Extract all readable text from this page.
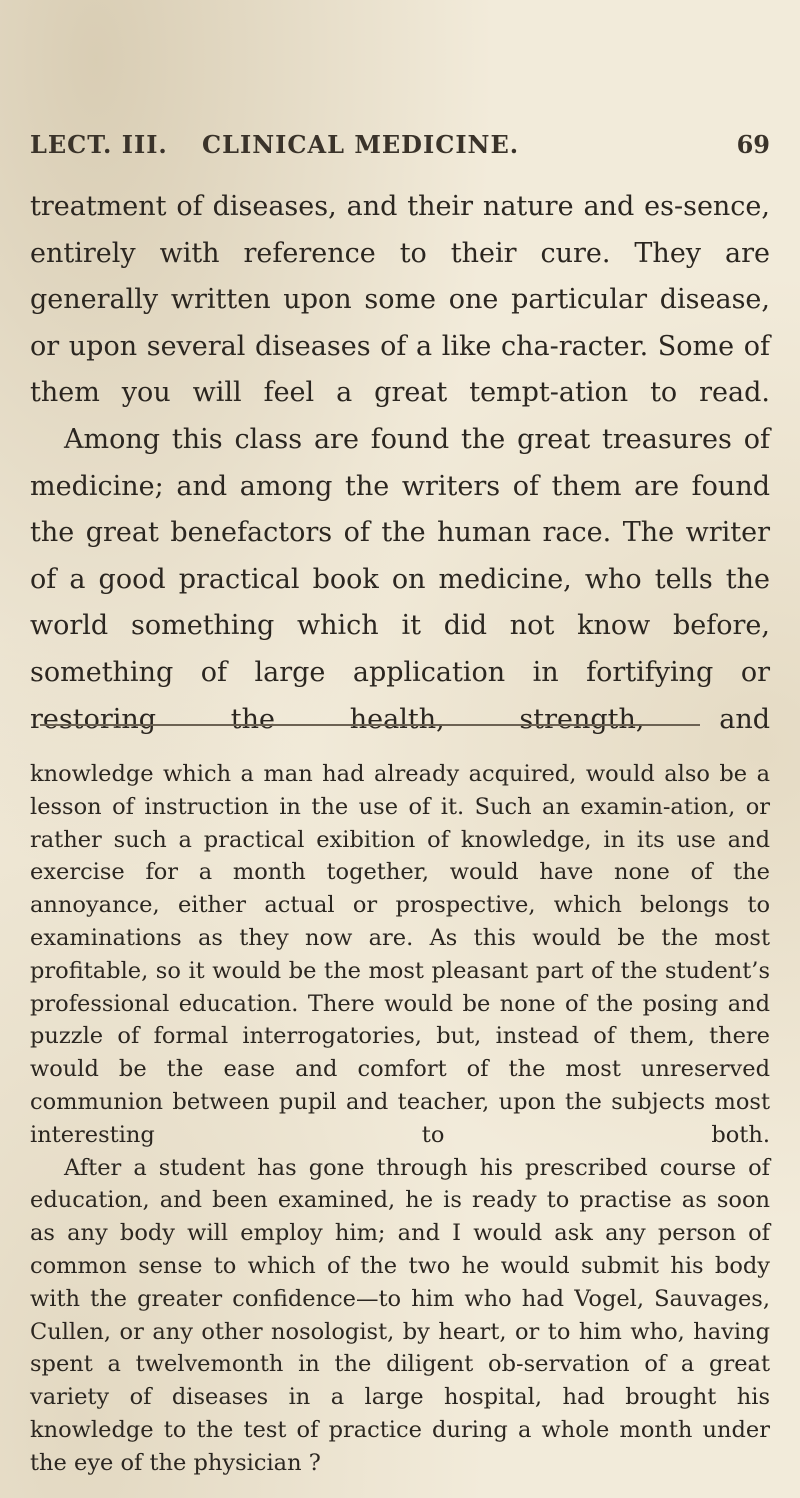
LECT. III. CLINICAL MEDICINE.	69

treatment of diseases, and their nature and es-sence, entirely with reference to their cure. They are generally written upon some one particular disease, or upon several diseases of a like cha-racter. Some of them you will feel a great tempt-ation to read.

Among this class are found the great treasures of medicine; and among the writers of them are found the great benefactors of the human race. The writer of a good practical book on medicine, who tells the world something which it did not know before, something of large application in fortifying or restoring the health, strength, and

knowledge which a man had already acquired, would also be a lesson of instruction in the use of it. Such an examin-ation, or rather such a practical exibition of knowledge, in its use and exercise for a month together, would have none of the annoyance, either actual or prospective, which belongs to examinations as they now are. As this would be the most profitable, so it would be the most pleasant part of the student’s professional education. There would be none of the posing and puzzle of formal interrogatories, but, instead of them, there would be the ease and comfort of the most unreserved communion between pupil and teacher, upon the subjects most interesting to both.

After a student has gone through his prescribed course of education, and been examined, he is ready to practise as soon as any body will employ him; and I would ask any person of common sense to which of the two he would submit his body with the greater confidence—to him who had Vogel, Sauvages, Cullen, or any other nosologist, by heart, or to him who, having spent a twelvemonth in the diligent ob-servation of a great variety of diseases in a large hospital, had brought his knowledge to the test of practice during a whole month under the eye of the physician ?
